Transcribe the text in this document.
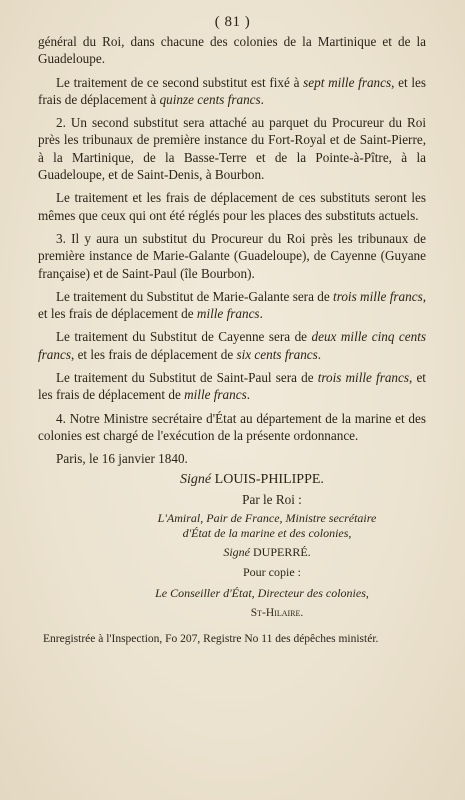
( 81 )

général du Roi, dans chacune des colonies de la Martinique et de la Guadeloupe.

Le traitement de ce second substitut est fixé à sept mille francs, et les frais de déplacement à quinze cents francs.

2. Un second substitut sera attaché au parquet du Procureur du Roi près les tribunaux de première instance du Fort-Royal et de Saint-Pierre, à la Martinique, de la Basse-Terre et de la Pointe-à-Pître, à la Guadeloupe, et de Saint-Denis, à Bourbon.

Le traitement et les frais de déplacement de ces substituts seront les mêmes que ceux qui ont été réglés pour les places des substituts actuels.

3. Il y aura un substitut du Procureur du Roi près les tribunaux de première instance de Marie-Galante (Guadeloupe), de Cayenne (Guyane française) et de Saint-Paul (île Bourbon).

Le traitement du Substitut de Marie-Galante sera de trois mille francs, et les frais de déplacement de mille francs.

Le traitement du Substitut de Cayenne sera de deux mille cinq cents francs, et les frais de déplacement de six cents francs.

Le traitement du Substitut de Saint-Paul sera de trois mille francs, et les frais de déplacement de mille francs.

4. Notre Ministre secrétaire d'État au département de la marine et des colonies est chargé de l'exécution de la présente ordonnance.

Paris, le 16 janvier 1840.
Signé LOUIS-PHILIPPE.
Par le Roi :
L'Amiral, Pair de France, Ministre secrétaire
d'État de la marine et des colonies,
Signé DUPERRÉ.
Pour copie :
Le Conseiller d'État, Directeur des colonies,
St-Hilaire.
Enregistrée à l'Inspection, Fo 207, Registre No 11 des dépêches ministér.
